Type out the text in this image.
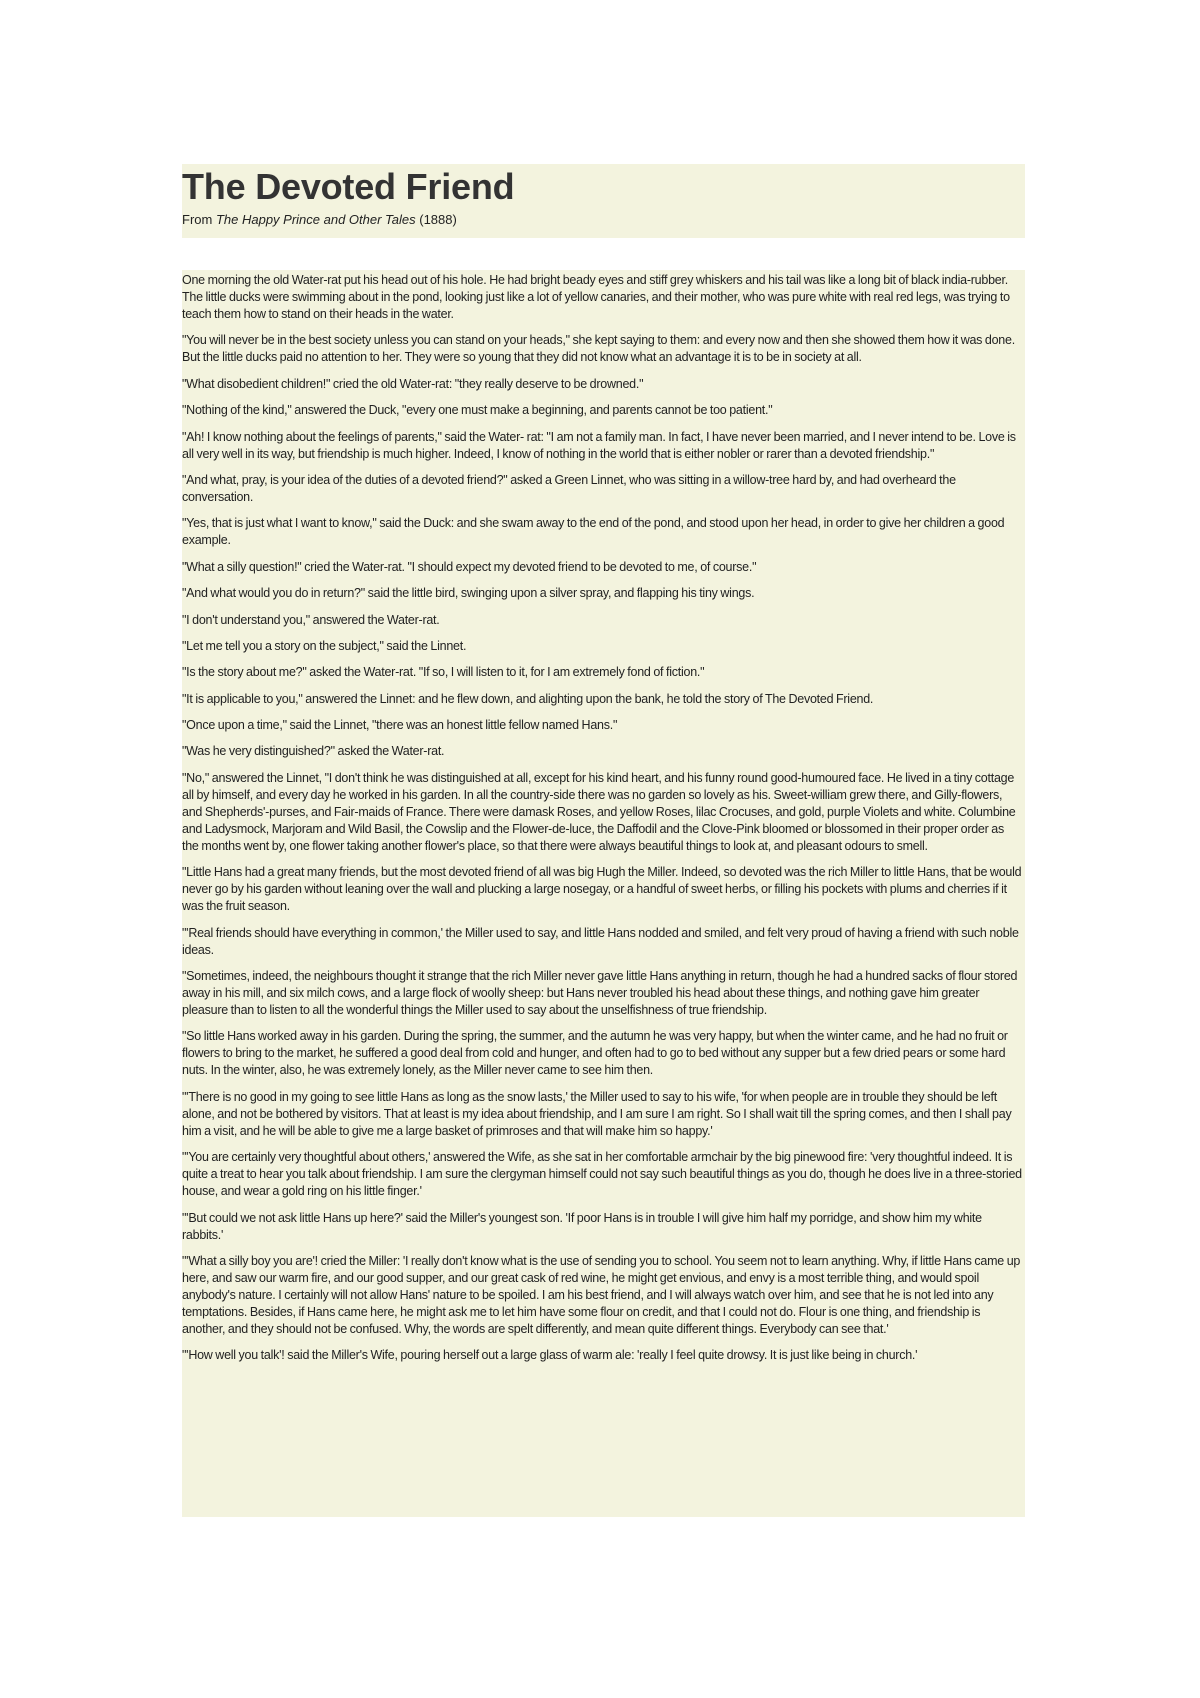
The Devoted Friend

From The Happy Prince and Other Tales (1888)

One morning the old Water-rat put his head out of his hole. He had bright beady eyes and stiff grey whiskers and his tail was like a long bit of black india-rubber. The little ducks were swimming about in the pond, looking just like a lot of yellow canaries, and their mother, who was pure white with real red legs, was trying to teach them how to stand on their heads in the water.

"You will never be in the best society unless you can stand on your heads," she kept saying to them: and every now and then she showed them how it was done. But the little ducks paid no attention to her. They were so young that they did not know what an advantage it is to be in society at all.

"What disobedient children!" cried the old Water-rat: "they really deserve to be drowned."

"Nothing of the kind," answered the Duck, "every one must make a beginning, and parents cannot be too patient."

"Ah! I know nothing about the feelings of parents," said the Water- rat: "I am not a family man. In fact, I have never been married, and I never intend to be. Love is all very well in its way, but friendship is much higher. Indeed, I know of nothing in the world that is either nobler or rarer than a devoted friendship."

"And what, pray, is your idea of the duties of a devoted friend?" asked a Green Linnet, who was sitting in a willow-tree hard by, and had overheard the conversation.

"Yes, that is just what I want to know," said the Duck: and she swam away to the end of the pond, and stood upon her head, in order to give her children a good example.

"What a silly question!" cried the Water-rat. "I should expect my devoted friend to be devoted to me, of course."

"And what would you do in return?" said the little bird, swinging upon a silver spray, and flapping his tiny wings.

"I don't understand you," answered the Water-rat.

"Let me tell you a story on the subject," said the Linnet.

"Is the story about me?" asked the Water-rat. "If so, I will listen to it, for I am extremely fond of fiction."

"It is applicable to you," answered the Linnet: and he flew down, and alighting upon the bank, he told the story of The Devoted Friend.

"Once upon a time," said the Linnet, "there was an honest little fellow named Hans."

"Was he very distinguished?" asked the Water-rat.

"No," answered the Linnet, "I don't think he was distinguished at all, except for his kind heart, and his funny round good-humoured face. He lived in a tiny cottage all by himself, and every day he worked in his garden. In all the country-side there was no garden so lovely as his. Sweet-william grew there, and Gilly-flowers, and Shepherds'-purses, and Fair-maids of France. There were damask Roses, and yellow Roses, lilac Crocuses, and gold, purple Violets and white. Columbine and Ladysmock, Marjoram and Wild Basil, the Cowslip and the Flower-de-luce, the Daffodil and the Clove-Pink bloomed or blossomed in their proper order as the months went by, one flower taking another flower's place, so that there were always beautiful things to look at, and pleasant odours to smell.

"Little Hans had a great many friends, but the most devoted friend of all was big Hugh the Miller. Indeed, so devoted was the rich Miller to little Hans, that be would never go by his garden without leaning over the wall and plucking a large nosegay, or a handful of sweet herbs, or filling his pockets with plums and cherries if it was the fruit season.

"'Real friends should have everything in common,' the Miller used to say, and little Hans nodded and smiled, and felt very proud of having a friend with such noble ideas.

"Sometimes, indeed, the neighbours thought it strange that the rich Miller never gave little Hans anything in return, though he had a hundred sacks of flour stored away in his mill, and six milch cows, and a large flock of woolly sheep: but Hans never troubled his head about these things, and nothing gave him greater pleasure than to listen to all the wonderful things the Miller used to say about the unselfishness of true friendship.

"So little Hans worked away in his garden. During the spring, the summer, and the autumn he was very happy, but when the winter came, and he had no fruit or flowers to bring to the market, he suffered a good deal from cold and hunger, and often had to go to bed without any supper but a few dried pears or some hard nuts. In the winter, also, he was extremely lonely, as the Miller never came to see him then.

"'There is no good in my going to see little Hans as long as the snow lasts,' the Miller used to say to his wife, 'for when people are in trouble they should be left alone, and not be bothered by visitors. That at least is my idea about friendship, and I am sure I am right. So I shall wait till the spring comes, and then I shall pay him a visit, and he will be able to give me a large basket of primroses and that will make him so happy.'

"'You are certainly very thoughtful about others,' answered the Wife, as she sat in her comfortable armchair by the big pinewood fire: 'very thoughtful indeed. It is quite a treat to hear you talk about friendship. I am sure the clergyman himself could not say such beautiful things as you do, though he does live in a three-storied house, and wear a gold ring on his little finger.'

"'But could we not ask little Hans up here?' said the Miller's youngest son. 'If poor Hans is in trouble I will give him half my porridge, and show him my white rabbits.'

"'What a silly boy you are'! cried the Miller: 'I really don't know what is the use of sending you to school. You seem not to learn anything. Why, if little Hans came up here, and saw our warm fire, and our good supper, and our great cask of red wine, he might get envious, and envy is a most terrible thing, and would spoil anybody's nature. I certainly will not allow Hans' nature to be spoiled. I am his best friend, and I will always watch over him, and see that he is not led into any temptations. Besides, if Hans came here, he might ask me to let him have some flour on credit, and that I could not do. Flour is one thing, and friendship is another, and they should not be confused. Why, the words are spelt differently, and mean quite different things. Everybody can see that.'

"'How well you talk'! said the Miller's Wife, pouring herself out a large glass of warm ale: 'really I feel quite drowsy. It is just like being in church.'
